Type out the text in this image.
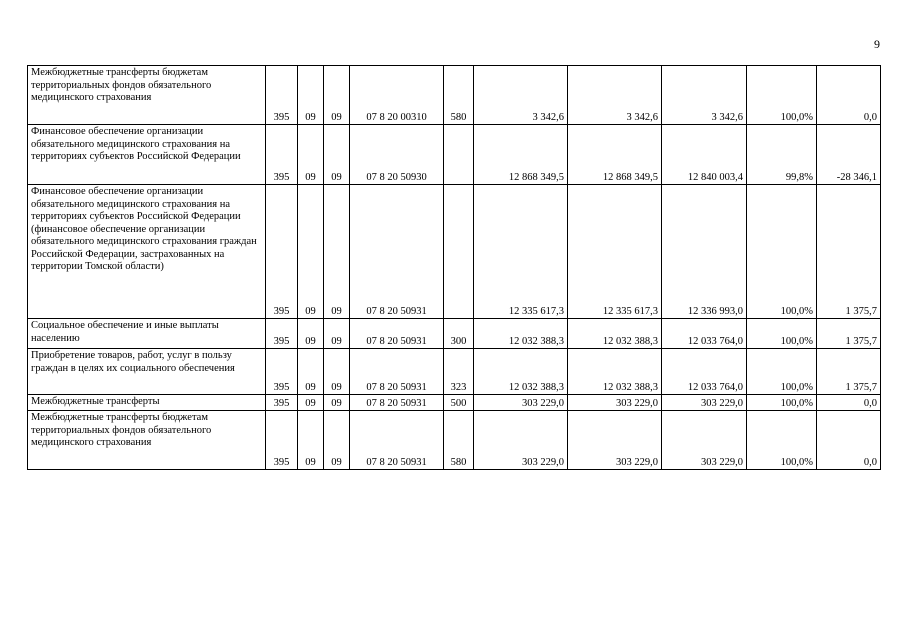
9
Межбюджетные трансферты бюджетам территориальных фондов обязательного медицинского страхования	395	09	09	07 8 20 00310	580	3 342,6	3 342,6	3 342,6	100,0%	0,0
Финансовое обеспечение организации обязательного медицинского страхования на территориях субъектов Российской Федерации	395	09	09	07 8 20 50930		12 868 349,5	12 868 349,5	12 840 003,4	99,8%	-28 346,1
Финансовое обеспечение организации обязательного медицинского страхования на территориях субъектов Российской Федерации (финансовое обеспечение организации обязательного медицинского страхования граждан Российской Федерации, застрахованных на территории Томской области)	395	09	09	07 8 20 50931		12 335 617,3	12 335 617,3	12 336 993,0	100,0%	1 375,7
Социальное обеспечение и иные выплаты населению	395	09	09	07 8 20 50931	300	12 032 388,3	12 032 388,3	12 033 764,0	100,0%	1 375,7
Приобретение товаров, работ, услуг в пользу граждан в целях их социального обеспечения	395	09	09	07 8 20 50931	323	12 032 388,3	12 032 388,3	12 033 764,0	100,0%	1 375,7
Межбюджетные трансферты	395	09	09	07 8 20 50931	500	303 229,0	303 229,0	303 229,0	100,0%	0,0
Межбюджетные трансферты бюджетам территориальных фондов обязательного медицинского страхования	395	09	09	07 8 20 50931	580	303 229,0	303 229,0	303 229,0	100,0%	0,0
